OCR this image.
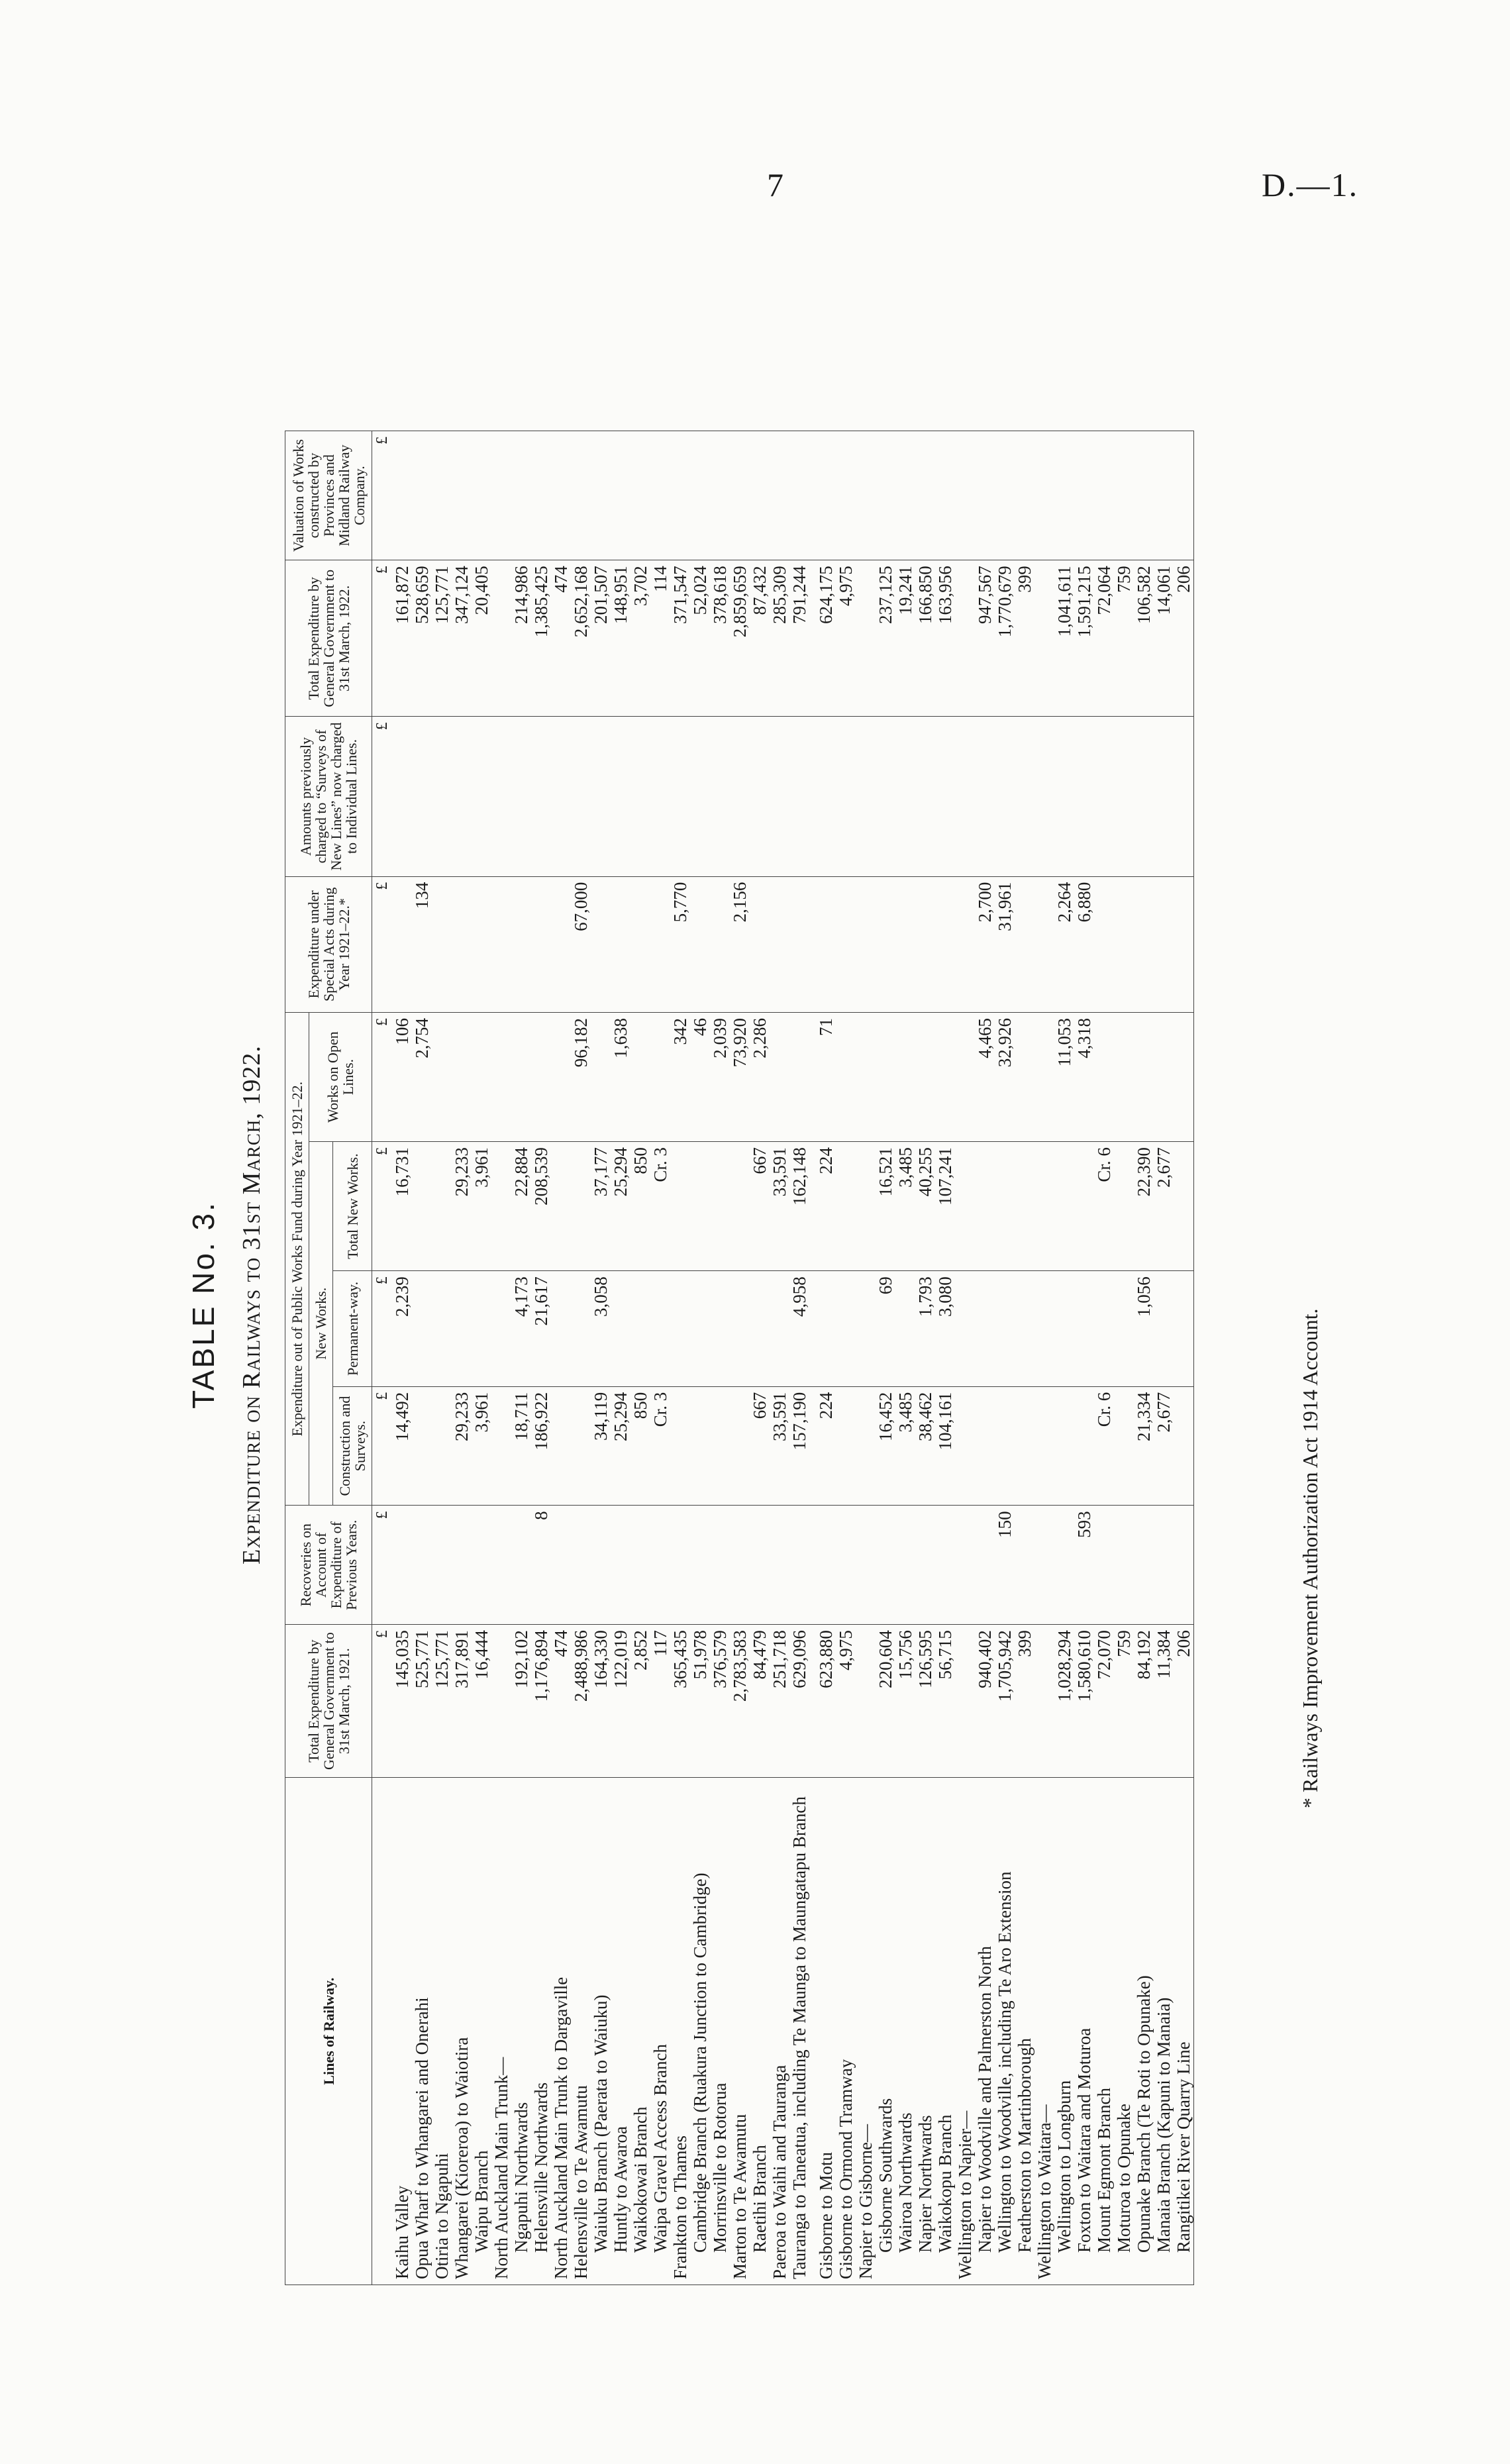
7	D.—1.
TABLE No. 3. Expenditure on Railways to 31st March, 1922.
Lines of Railway.	Total Expenditure by General Government to 31st March, 1921.	Recoveries on Account of Expenditure of Previous Years.	Expenditure out of Public Works Fund during Year 1921–22.				Expenditure under Special Acts during Year 1921–22.*	Amounts previously charged to “Surveys of New Lines” now charged to Individual Lines.	Total Expenditure by General Government to 31st March, 1922.	Valuation of Works constructed by Provinces and Midland Railway Company.
			New Works.			Works on Open Lines.				
			Construction and Surveys.	Permanent-way.	Total New Works.					
	£	£	£	£	£	£	£	£	£	£
Kaihu Valley	145,035		14,492	2,239	16,731	106			161,872	
Opua Wharf to Whangarei and Onerahi	525,771					2,754	134		528,659	
Otiria to Ngapuhi	125,771								125,771	
Whangarei (Kioreroa) to Waiotira	317,891		29,233		29,233				347,124	
Waipu Branch	16,444		3,961		3,961				20,405	
North Auckland Main Trunk—										
Ngapuhi Northwards	192,102		18,711	4,173	22,884				214,986	
Helensville Northwards	1,176,894	8	186,922	21,617	208,539				1,385,425	
North Auckland Main Trunk to Dargaville	474								474	
Helensville to Te Awamutu	2,488,986					96,182	67,000		2,652,168	
Waiuku Branch (Paerata to Waiuku)	164,330		34,119	3,058	37,177				201,507	
Huntly to Awaroa	122,019		25,294		25,294	1,638			148,951	
Waikokowai Branch	2,852		850		850				3,702	
Waipa Gravel Access Branch	117		Cr. 3		Cr. 3				114	
Frankton to Thames	365,435					342	5,770		371,547	
Cambridge Branch (Ruakura Junction to Cambridge)	51,978					46			52,024	
Morrinsville to Rotorua	376,579					2,039			378,618	
Marton to Te Awamutu	2,783,583					73,920	2,156		2,859,659	
Raetihi Branch	84,479		667		667	2,286			87,432	
Paeroa to Waihi and Tauranga	251,718		33,591		33,591				285,309	
Tauranga to Taneatua, including Te Maunga to Maungatapu Branch	629,096		157,190	4,958	162,148				791,244	

Gisborne to Motu	623,880		224		224	71			624,175	
Gisborne to Ormond Tramway	4,975								4,975	
Napier to Gisborne—										
Gisborne Southwards	220,604		16,452	69	16,521				237,125	
Wairoa Northwards	15,756		3,485		3,485				19,241	
Napier Northwards	126,595		38,462	1,793	40,255				166,850	
Waikokopu Branch	56,715		104,161	3,080	107,241				163,956	
Wellington to Napier—										
Napier to Woodville and Palmerston North	940,402					4,465	2,700		947,567	
Wellington to Woodville, including Te Aro Extension	1,705,942	150				32,926	31,961		1,770,679	
Featherston to Martinborough	399								399	
Wellington to Waitara—										
Wellington to Longburn	1,028,294					11,053	2,264		1,041,611	
Foxton to Waitara and Moturoa	1,580,610	593				4,318	6,880		1,591,215	
Mount Egmont Branch	72,070		Cr. 6		Cr. 6				72,064	
Moturoa to Opunake	759								759	
Opunake Branch (Te Roti to Opunake)	84,192		21,334	1,056	22,390				106,582	
Manaia Branch (Kapuni to Manaia)	11,384		2,677		2,677				14,061	
Rangitikei River Quarry Line	206								206	
* Railways Improvement Authorization Act 1914 Account.
